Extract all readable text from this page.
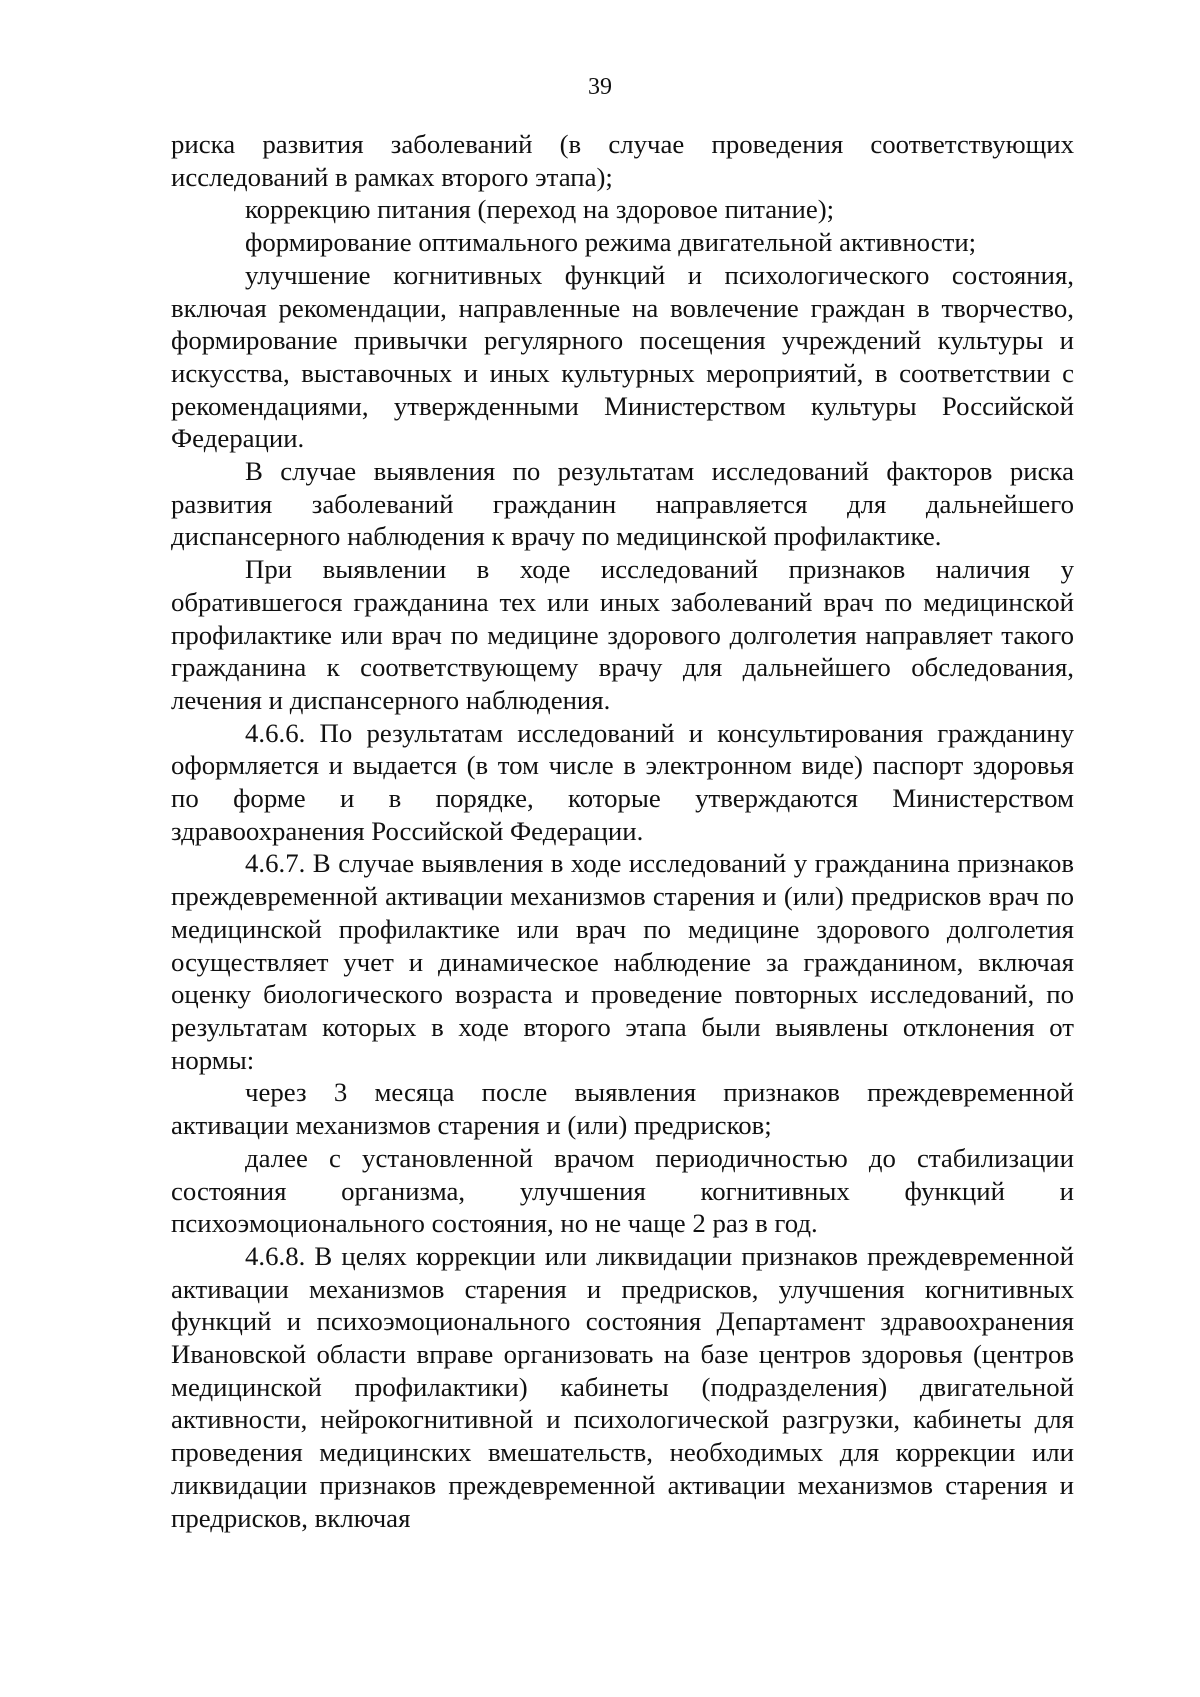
39

риска развития заболеваний (в случае проведения соответствующих исследований в рамках второго этапа);

коррекцию питания (переход на здоровое питание);

формирование оптимального режима двигательной активности;

улучшение когнитивных функций и психологического состояния, включая рекомендации, направленные на вовлечение граждан в творчество, формирование привычки регулярного посещения учреждений культуры и искусства, выставочных и иных культурных мероприятий, в соответствии с рекомендациями, утвержденными Министерством культуры Российской Федерации.

В случае выявления по результатам исследований факторов риска развития заболеваний гражданин направляется для дальнейшего диспансерного наблюдения к врачу по медицинской профилактике.

При выявлении в ходе исследований признаков наличия у обратившегося гражданина тех или иных заболеваний врач по медицинской профилактике или врач по медицине здорового долголетия направляет такого гражданина к соответствующему врачу для дальнейшего обследования, лечения и диспансерного наблюдения.

4.6.6. По результатам исследований и консультирования гражданину оформляется и выдается (в том числе в электронном виде) паспорт здоровья по форме и в порядке, которые утверждаются Министерством здравоохранения Российской Федерации.

4.6.7. В случае выявления в ходе исследований у гражданина признаков преждевременной активации механизмов старения и (или) предрисков врач по медицинской профилактике или врач по медицине здорового долголетия осуществляет учет и динамическое наблюдение за гражданином, включая оценку биологического возраста и проведение повторных исследований, по результатам которых в ходе второго этапа были выявлены отклонения от нормы:

через 3 месяца после выявления признаков преждевременной активации механизмов старения и (или) предрисков;

далее с установленной врачом периодичностью до стабилизации состояния организма, улучшения когнитивных функций и психоэмоционального состояния, но не чаще 2 раз в год.

4.6.8. В целях коррекции или ликвидации признаков преждевременной активации механизмов старения и предрисков, улучшения когнитивных функций и психоэмоционального состояния Департамент здравоохранения Ивановской области вправе организовать на базе центров здоровья (центров медицинской профилактики) кабинеты (подразделения) двигательной активности, нейрокогнитивной и психологической разгрузки, кабинеты для проведения медицинских вмешательств, необходимых для коррекции или ликвидации признаков преждевременной активации механизмов старения и предрисков, включая
